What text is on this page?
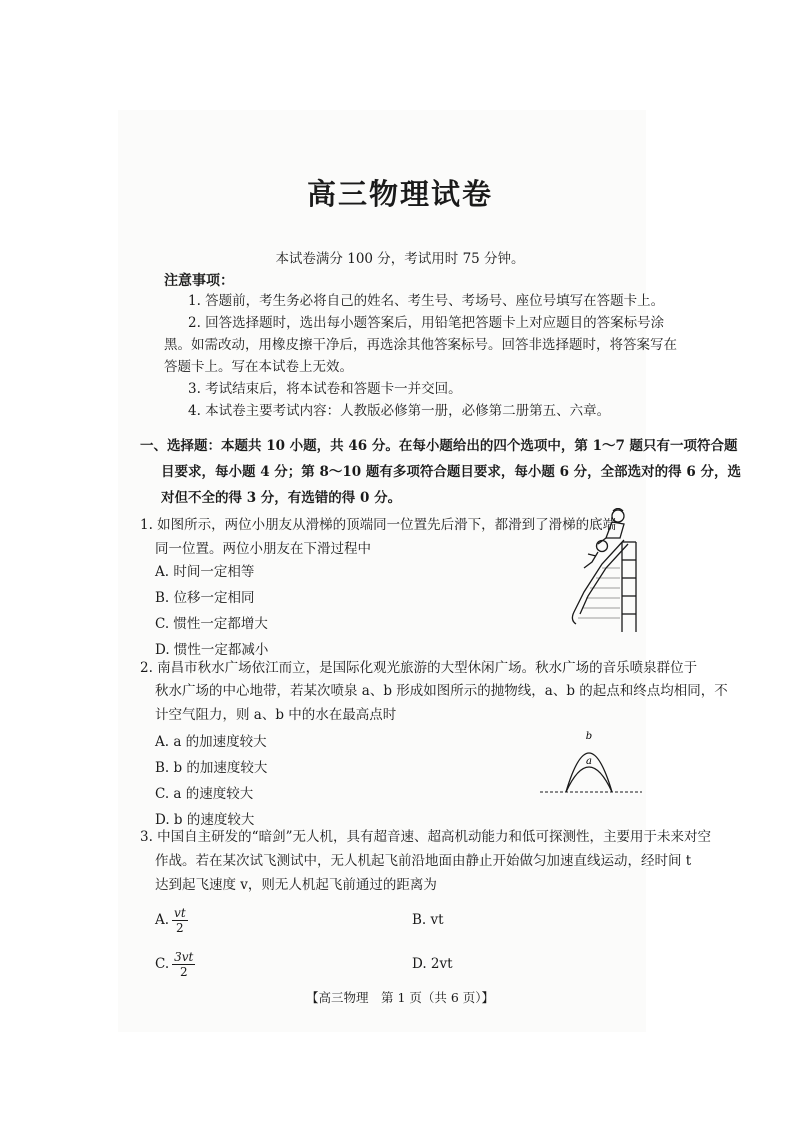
高三物理试卷
本试卷满分 100 分，考试用时 75 分钟。
注意事项：
1. 答题前，考生务必将自己的姓名、考生号、考场号、座位号填写在答题卡上。
2. 回答选择题时，选出每小题答案后，用铅笔把答题卡上对应题目的答案标号涂
黑。如需改动，用橡皮擦干净后，再选涂其他答案标号。回答非选择题时，将答案写在
答题卡上。写在本试卷上无效。
3. 考试结束后，将本试卷和答题卡一并交回。
4. 本试卷主要考试内容：人教版必修第一册，必修第二册第五、六章。
一、选择题：本题共 10 小题，共 46 分。在每小题给出的四个选项中，第 1～7 题只有一项符合题
目要求，每小题 4 分；第 8～10 题有多项符合题目要求，每小题 6 分，全部选对的得 6 分，选
对但不全的得 3 分，有选错的得 0 分。
1. 如图所示，两位小朋友从滑梯的顶端同一位置先后滑下，都滑到了滑梯的底端
同一位置。两位小朋友在下滑过程中
A. 时间一定相等
B. 位移一定相同
C. 惯性一定都增大
D. 惯性一定都减小
2. 南昌市秋水广场依江而立，是国际化观光旅游的大型休闲广场。秋水广场的音乐喷泉群位于
秋水广场的中心地带，若某次喷泉 a、b 形成如图所示的抛物线，a、b 的起点和终点均相同，不
计空气阻力，则 a、b 中的水在最高点时
A. a 的加速度较大
B. b 的加速度较大
C. a 的速度较大
D. b 的速度较大
b
a
3. 中国自主研发的“暗剑”无人机，具有超音速、超高机动能力和低可探测性，主要用于未来对空
作战。若在某次试飞测试中，无人机起飞前沿地面由静止开始做匀加速直线运动，经时间 t
达到起飞速度 v，则无人机起飞前通过的距离为
A. $\frac{vt}{2}$	B. vt
C. $\frac{3vt}{2}$	D. 2vt
【高三物理　第 1 页（共 6 页）】
